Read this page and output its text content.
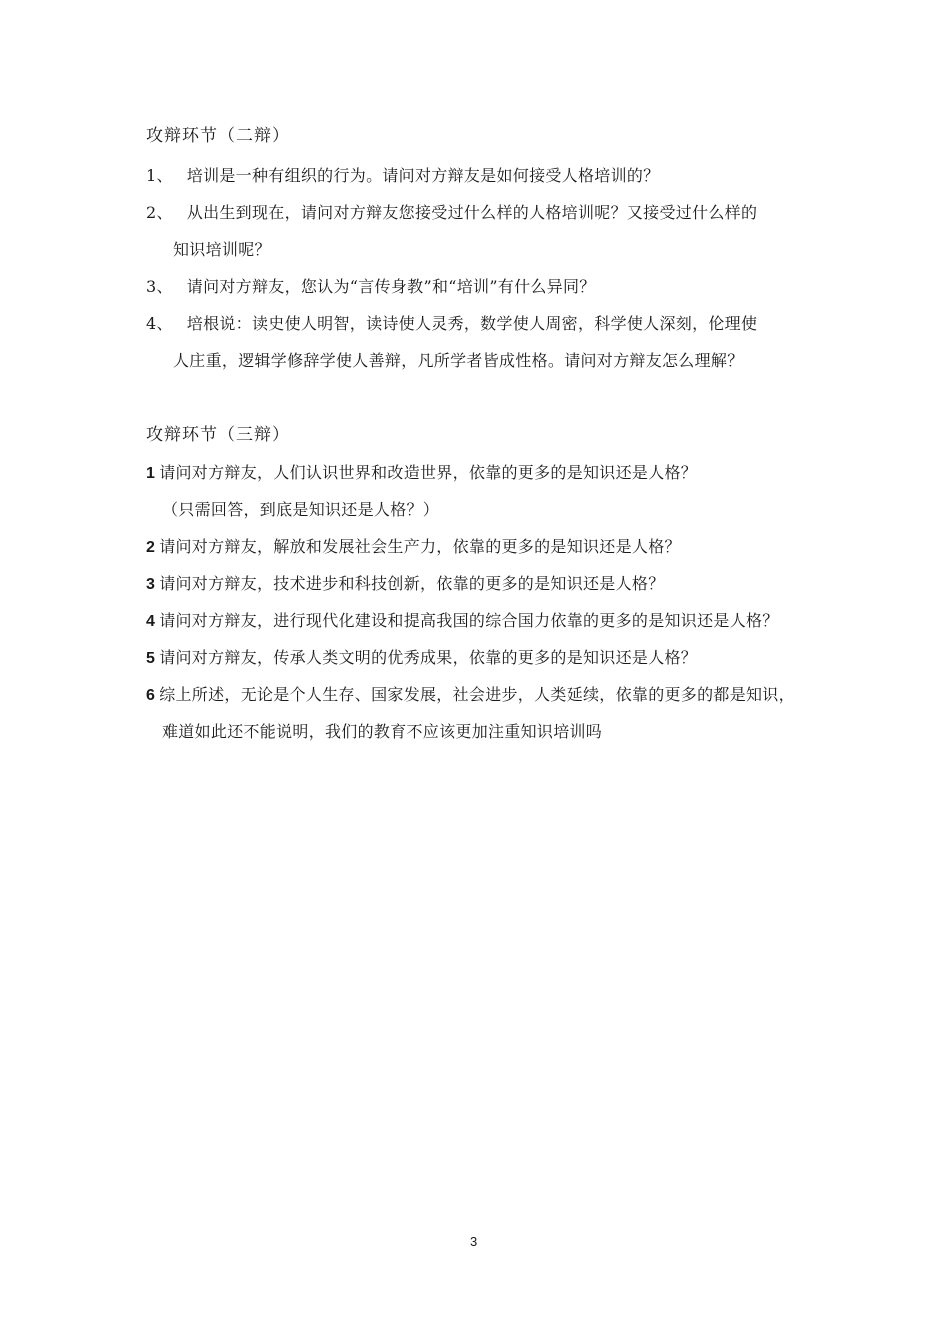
攻辩环节（二辩）
1、 培训是一种有组织的行为。请问对方辩友是如何接受人格培训的？
2、 从出生到现在，请问对方辩友您接受过什么样的人格培训呢？又接受过什么样的
知识培训呢？
3、 请问对方辩友，您认为“言传身教”和“培训”有什么异同？
4、 培根说：读史使人明智，读诗使人灵秀，数学使人周密，科学使人深刻，伦理使
人庄重，逻辑学修辞学使人善辩，凡所学者皆成性格。请问对方辩友怎么理解？
攻辩环节（三辩）
1 请问对方辩友，人们认识世界和改造世界，依靠的更多的是知识还是人格？
（只需回答，到底是知识还是人格？）
2 请问对方辩友，解放和发展社会生产力，依靠的更多的是知识还是人格？
3 请问对方辩友，技术进步和科技创新，依靠的更多的是知识还是人格？
4 请问对方辩友，进行现代化建设和提高我国的综合国力依靠的更多的是知识还是人格？
5 请问对方辩友，传承人类文明的优秀成果，依靠的更多的是知识还是人格？
6 综上所述，无论是个人生存、国家发展，社会进步，人类延续，依靠的更多的都是知识，
难道如此还不能说明，我们的教育不应该更加注重知识培训吗
3
